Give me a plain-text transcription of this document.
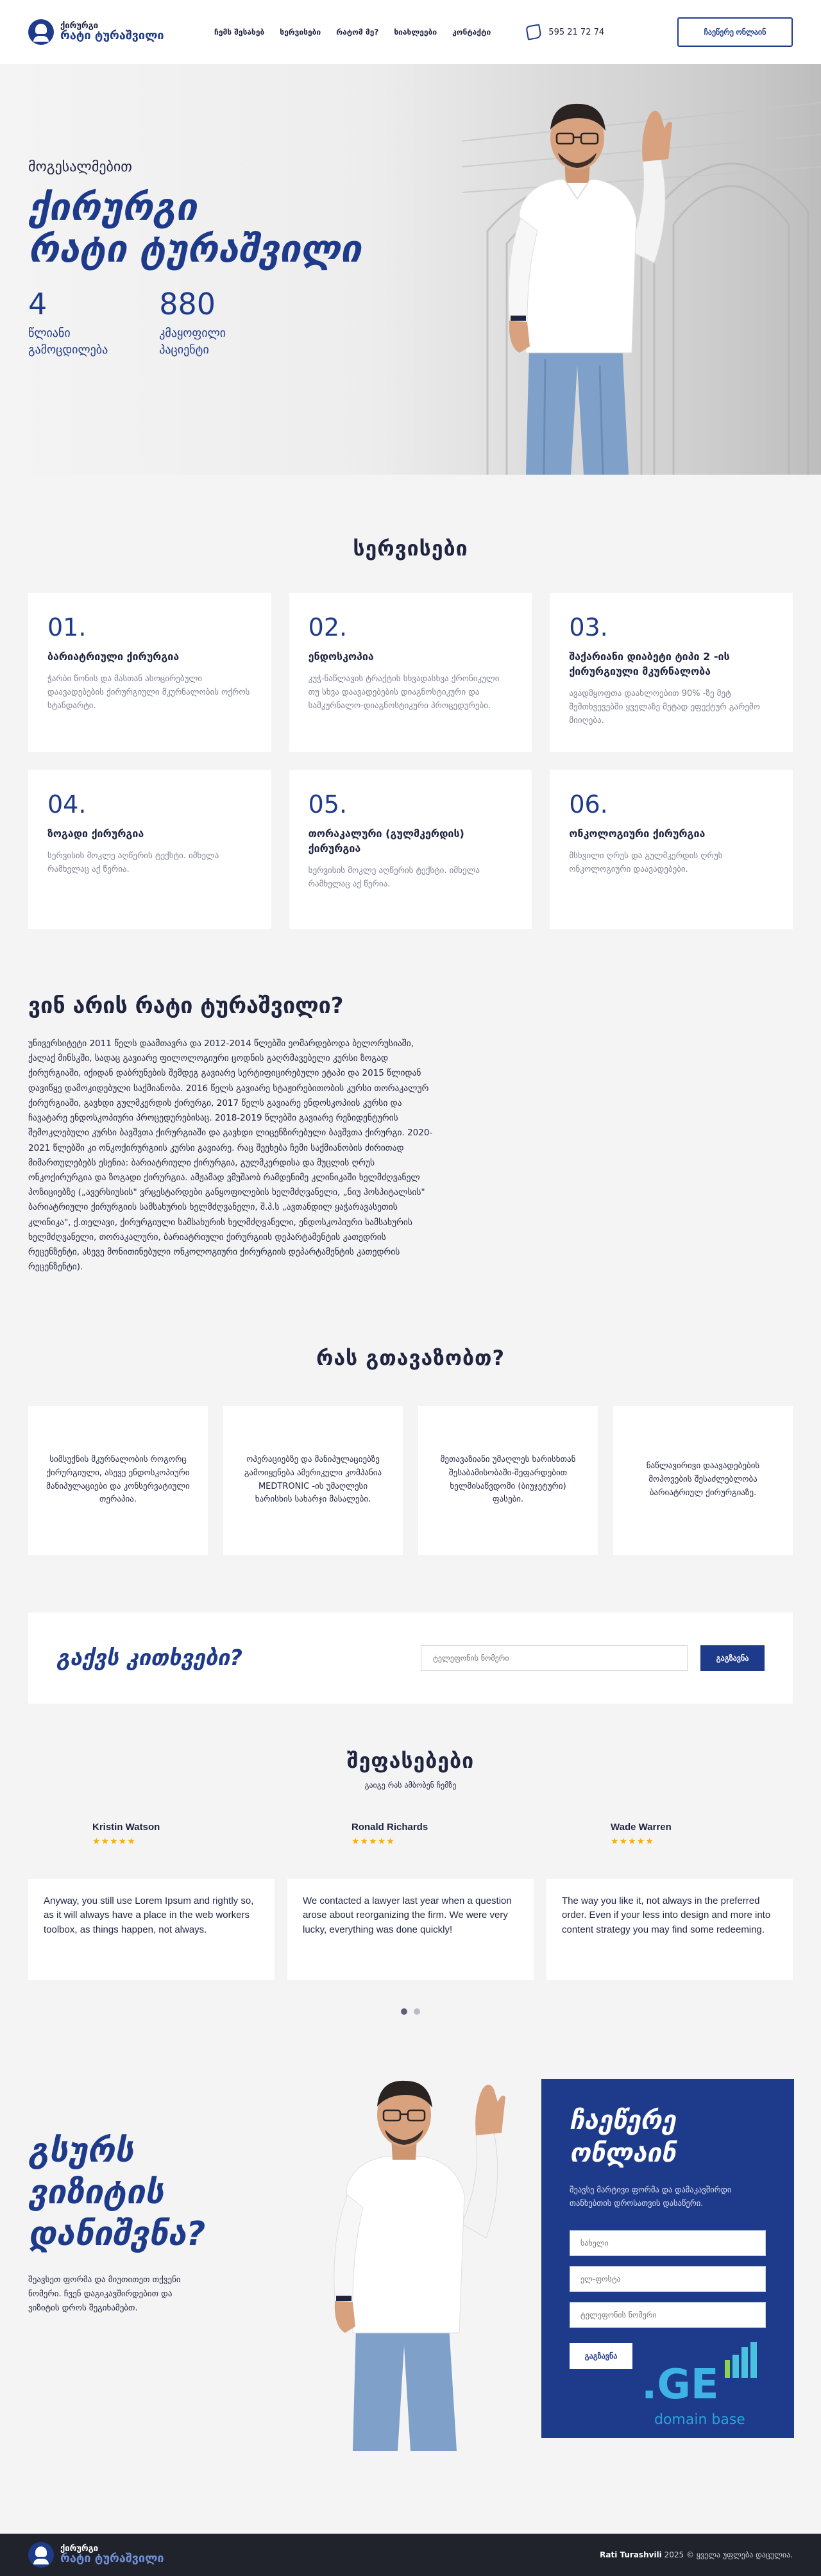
ქირურგი
რატი ტურაშვილი	ჩემს შესახებ სერვისები რატომ მე? სიახლეები კონტაქტი	595 21 72 74	ჩაეწერე ონლაინ
მოგესალმებით
ქირურგი
რატი ტურაშვილი
4
წლიანი
გამოცდილება
880
კმაყოფილი
პაციენტი
სერვისები
01.
ბარიატრიული ქირურგია
ჭარბი წონის და მასთან ასოცირებული დაავადებების ქირურგიული მკურნალობის ოქროს სტანდარტი.
02.
ენდოსკოპია
კუჭ-ნაწლავის ტრაქტის სხვადასხვა ქრონიკული თუ სხვა დაავადებების დიაგნოსტიკური და სამკურნალო-დიაგნოსტიკური პროცედურები.
03.
შაქარიანი დიაბეტი ტიპი 2 -ის ქირურგიული მკურნალობა
ავადმყოფთა დაახლოებით 90% -ზე მეტ შემთხვევებში ყველაზე მეტად ეფექტურ გარემო მიიღება.
04.
ზოგადი ქირურგია
სერვისის მოკლე აღწერის ტექსტი. იმხელა რამხელაც აქ წერია.
05.
თორაკალური (გულმკერდის) ქირურგია
სერვისის მოკლე აღწერის ტექსტი. იმხელა რამხელაც აქ წერია.
06.
ონკოლოგიური ქირურგია
მსხვილი ღრუს და გულმკერდის ღრუს ონკოლოგიური დაავადებები.
ვინ არის რატი ტურაშვილი?

უნივერსიტეტი 2011 წელს დაამთავრა და 2012-2014 წლებში ეომარდებოდა ბელორუსიაში, ქალაქ მინსკში, სადაც გავიარე ფილოლოგიური ცოდნის გაღრმავებელი კურსი ზოგად ქირურგიაში, იქიდან დაბრუნების შემდეგ გავიარე სერტიფიცირებული ეტაპი და 2015 წლიდან დავიწყე დამოკიდებული საქმიანობა. 2016 წელს გავიარე სტაჟირებითობის კურსი თორაკალურ ქირურგიაში, გავხდი გულმკერდის ქირურგი, 2017 წელს გავიარე ენდოსკოპიის კურსი და ჩავატარე ენდოსკოპიური პროცედურებისაც. 2018-2019 წლებში გავიარე რეზიდენტურის შემოკლებული კურსი ბავშვთა ქირურგიაში და გავხდი ლიცენზირებული ბავშვთა ქირურგი. 2020-2021 წლებში კი ონკოქირურგიის კურსი გავიარე. რაც შეეხება ჩემი საქმიანობის ძირითად მიმართულებებს ესენია: ბარიატრიული ქირურგია, გულმკერდისა და მუცლის ღრუს ონკოქირურგია და ზოგადი ქირურგია. ამჟამად ვმუშაობ რამდენიმე კლინიკაში ხელმძღვანელ პოზიციებზე („ავერსიუსის" ვრცესტარდები განყოფილების ხელმძღვანელი, „ნიუ ჰოსპიტალსის" ბარიატრიული ქირურგიის სამსახურის ხელმძღვანელი, შ.პ.ს „ავთანდილ ყაჭარავასეთის კლინიკა", ქ.თელავი, ქირურგიული სამსახურის ხელმძღვანელი, ენდოსკოპიური სამსახურის ხელმძღვანელი, თორაკალური, ბარიატრიული ქირურგიის დეპარტამენტის კათედრის რეცენზენტი, ასევე მონითინებული ონკოლოგიური ქირურგიის დეპარტამენტის კათედრის რეცენზენტი).

რას გთავაზობთ?
სიმსუქნის მკურნალობის როგორც ქირურგიული, ასევე ენდოსკოპიური მანიპულაციები და კონსერვატიული თერაპია.
ოპერაციებზე და მანიპულაციებზე გამოიყენება ამერიკული კომპანია MEDTRONIC -ის უმაღლესი ხარისხის სახარჯი მასალები.
მეთავაზიანი უმაღლეს ხარისხთან შესაბამისობაში-შეფარდებით ხელმისაწვდომი (ბიუჯეტური) ფასები.
ნაწლავირივი დაავადებების მოპოვების შესაძლებლობა ბარიატრიულ ქირურგიაზე.
გაქვს კითხვები?
ტელეფონის ნომერი	გაგზავნა
შეფასებები
გაიგე რას ამბობენ ჩემზე
Kristin Watson
★★★★★
Anyway, you still use Lorem Ipsum and rightly so, as it will always have a place in the web workers toolbox, as things happen, not always.
Ronald Richards
★★★★★
We contacted a lawyer last year when a question arose about reorganizing the firm. We were very lucky, everything was done quickly!
Wade Warren
★★★★★
The way you like it, not always in the preferred order. Even if your less into design and more into content strategy you may find some redeeming.
გსურს
ვიზიტის
დანიშვნა?

შეავსეთ ფორმა და მიუთითეთ თქვენი ნომერი. ჩვენ დაგიკავშირდებით და ვიზიტის დროს შეგიხამებთ.

ჩაეწერე
ონლაინ

შეავსე მარტივი ფორმა და დამაკავშირდი თანხებთის დროსათვის დასაწერი.

სახელი
ელ-ფოსტა
ტელეფონის ნომერი გაგზავნა
.GE
domain base
ქირურგი
რატი ტურაშვილი	Rati Turashvili 2025 © ყველა უფლება დაცულია.
